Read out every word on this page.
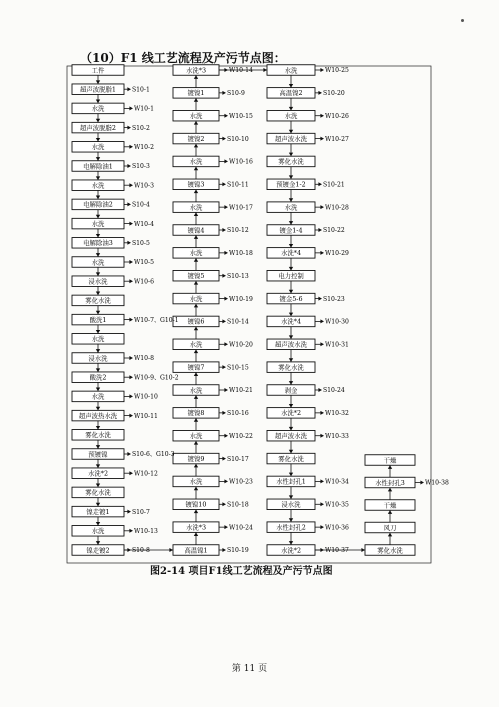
（10）F1 线工艺流程及产污节点图：
工件
超声波脱脂1
水洗
超声波脱脂2
水洗
电解除油1
水洗
电解除油2
水洗
电解除油3
水洗
浸水洗
雾化水洗
酸洗1
水洗
浸水洗
酸洗2
水洗
超声波热水洗
雾化水洗
预镀镍
水洗*2
雾化水洗
镍走镀1
水洗
镍走镀2	高温镍1
水洗*3
镀镍10
水洗
镀镍9
水洗
镀镍8
水洗
镀镍7
水洗
镀镍6
水洗
镀镍5
水洗
镀镍4
水洗
镀镍3
水洗
镀镍2
水洗
镀镍1
水洗*3	水洗
高温镍2
水洗
超声波水洗
雾化水洗
预镀金1-2
水洗
镀金1-4
水洗*4
电力控制
镀金5-6
水洗*4
超声波水洗
雾化水洗
剥金
水洗*2
超声波水洗
雾化水洗
水性封孔1
浸水洗
水性封孔2
水洗*2	雾化水洗
风刀
干燥
水性封孔3
干燥
S10-1
W10-1
S10-2
W10-2
S10-3
W10-3
S10-4
W10-4
S10-5
W10-5
W10-6
W10-7、G10-1
W10-8
W10-9、G10-2
W10-10
W10-11
S10-6、G10-3
W10-12
S10-7
W10-13
S10-8	S10-19
W10-24
S10-18
W10-23
S10-17
W10-22
S10-16
W10-21
S10-15
W10-20
S10-14
W10-19
S10-13
W10-18
S10-12
W10-17
S10-11
W10-16
S10-10
W10-15
S10-9
W10-14	W10-25
S10-20
W10-26
W10-27
S10-21
W10-28
S10-22
W10-29
S10-23
W10-30
W10-31
S10-24
W10-32
W10-33
W10-34
W10-35
W10-36
W10-37
W10-38
图2-14 项目F1线工艺流程及产污节点图
第 11 页
